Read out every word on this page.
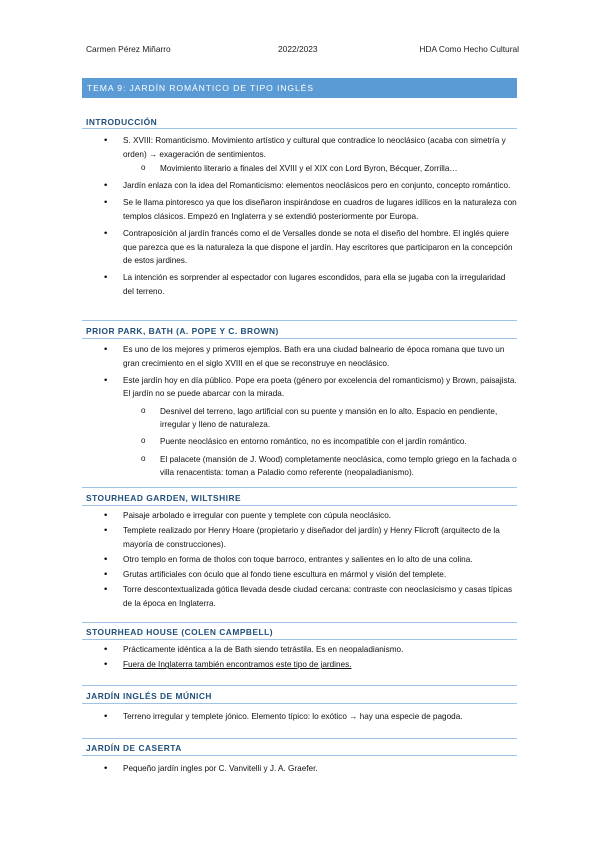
Carmen Pérez Miñarro	2022/2023	HDA Como Hecho Cultural
TEMA 9: JARDÍN ROMÁNTICO DE TIPO INGLÉS
INTRODUCCIÓN
• S. XVIII: Romanticismo. Movimiento artístico y cultural que contradice lo neoclásico (acaba con simetría y orden) → exageración de sentimientos.
o Movimiento literario a finales del XVIII y el XIX con Lord Byron, Bécquer, Zorrilla…
• Jardín enlaza con la idea del Romanticismo: elementos neoclásicos pero en conjunto, concepto romántico.
• Se le llama pintoresco ya que los diseñaron inspirándose en cuadros de lugares idílicos en la naturaleza con templos clásicos. Empezó en Inglaterra y se extendió posteriormente por Europa.
• Contraposición al jardín francés como el de Versalles donde se nota el diseño del hombre. El inglés quiere que parezca que es la naturaleza la que dispone el jardín. Hay escritores que participaron en la concepción de estos jardines.
• La intención es sorprender al espectador con lugares escondidos, para ella se jugaba con la irregularidad del terreno.
PRIOR PARK, BATH (A. POPE Y C. BROWN)
• Es uno de los mejores y primeros ejemplos. Bath era una ciudad balneario de época romana que tuvo un gran crecimiento en el siglo XVIII en el que se reconstruye en neoclásico.
• Este jardín hoy en día público. Pope era poeta (género por excelencia del romanticismo) y Brown, paisajista. El jardín no se puede abarcar con la mirada.
o Desnivel del terreno, lago artificial con su puente y mansión en lo alto. Espacio en pendiente, irregular y lleno de naturaleza.
o Puente neoclásico en entorno romántico, no es incompatible con el jardín romántico.
o El palacete (mansión de J. Wood) completamente neoclásica, como templo griego en la fachada o villa renacentista: toman a Paladio como referente (neopaladianismo).
STOURHEAD GARDEN, WILTSHIRE
• Paisaje arbolado e irregular con puente y templete con cúpula neoclásico.
• Templete realizado por Henry Hoare (propietario y diseñador del jardín) y Henry Flicroft (arquitecto de la mayoría de construcciones).
• Otro templo en forma de tholos con toque barroco, entrantes y salientes en lo alto de una colina.
• Grutas artificiales con óculo que al fondo tiene escultura en mármol y visión del templete.
• Torre descontextualizada gótica llevada desde ciudad cercana: contraste con neoclasicismo y casas típicas de la época en Inglaterra.
STOURHEAD HOUSE (COLEN CAMPBELL)
• Prácticamente idéntica a la de Bath siendo tetrástila. Es en neopaladianismo.
• Fuera de Inglaterra también encontramos este tipo de jardines.
JARDÍN INGLÉS DE MÚNICH
• Terreno irregular y templete jónico. Elemento típico: lo exótico → hay una especie de pagoda.
JARDÍN DE CASERTA
• Pequeño jardín ingles por C. Vanvitelli y J. A. Graefer.
